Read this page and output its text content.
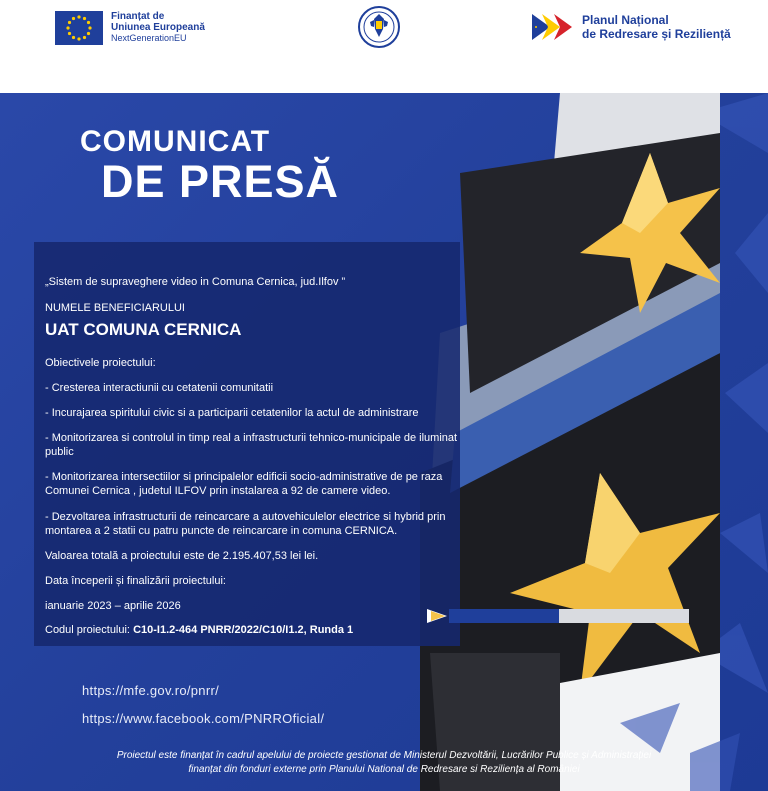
Finanțat de
Uniunea Europeană
NextGenerationEU
Planul Național
de Redresare și Reziliență
COMUNICAT
DE PRESĂ
„Sistem de supraveghere video in Comuna Cernica, jud.Ilfov ”
NUMELE BENEFICIARULUI
UAT COMUNA CERNICA
Obiectivele proiectului:
- Cresterea interactiunii cu cetatenii comunitatii
- Incurajarea spiritului civic si a participarii cetatenilor la actul de administrare
- Monitorizarea si controlul in timp real a infrastructurii tehnico-municipale de iluminat public
- Monitorizarea intersectiilor si principalelor edificii socio-administrative de pe raza Comunei Cernica , judetul ILFOV prin instalarea a 92 de camere video.
- Dezvoltarea infrastructurii de reincarcare a autovehiculelor electrice si hybrid prin montarea a 2 statii cu patru puncte de reincarcare in comuna CERNICA.
Valoarea totală a proiectului este de 2.195.407,53 lei lei.
Data începerii și finalizării proiectului:
ianuarie 2023 – aprilie 2026
Codul proiectului: C10-I1.2-464 PNRR/2022/C10/I1.2, Runda 1
https://mfe.gov.ro/pnrr/
https://www.facebook.com/PNRROficial/
Proiectul este finanțat în cadrul apelului de proiecte gestionat de Ministerul Dezvoltării, Lucrărilor Publice și Administrației
finanțat din fonduri externe prin Planului National de Redresare si Reziliența al României
